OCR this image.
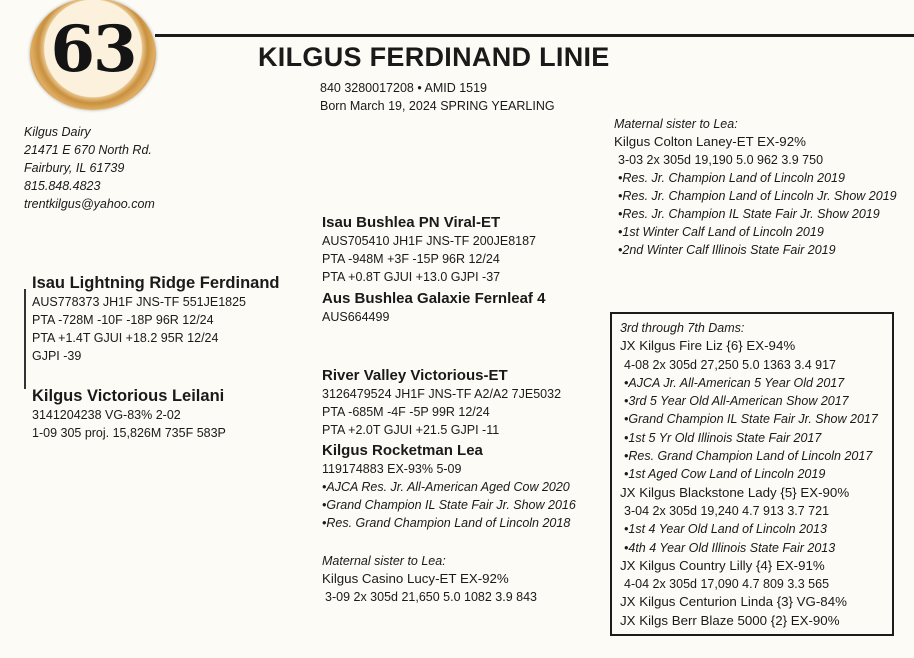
63	KILGUS FERDINAND LINIE
840 3280017208 • AMID 1519
Born March 19, 2024 SPRING YEARLING
Kilgus Dairy
21471 E 670 North Rd.
Fairbury, IL 61739
815.848.4823
trentkilgus@yahoo.com
Isau Lightning Ridge Ferdinand
AUS778373 JH1F JNS-TF 551JE1825
PTA -728M -10F -18P 96R 12/24
PTA +1.4T GJUI +18.2 95R 12/24
GJPI -39
Kilgus Victorious Leilani
3141204238 VG-83% 2-02
1-09 305 proj. 15,826M 735F 583P
Isau Bushlea PN Viral-ET
AUS705410 JH1F JNS-TF 200JE8187
PTA -948M +3F -15P 96R 12/24
PTA +0.8T GJUI +13.0 GJPI -37
Aus Bushlea Galaxie Fernleaf 4
AUS664499
River Valley Victorious-ET
3126479524 JH1F JNS-TF A2/A2 7JE5032
PTA -685M -4F -5P 99R 12/24
PTA +2.0T GJUI +21.5 GJPI -11
Kilgus Rocketman Lea
119174883 EX-93% 5-09
•AJCA Res. Jr. All-American Aged Cow 2020
•Grand Champion IL State Fair Jr. Show 2016
•Res. Grand Champion Land of Lincoln 2018
Maternal sister to Lea:
Kilgus Casino Lucy-ET EX-92%
3-09 2x 305d 21,650 5.0 1082 3.9 843
Maternal sister to Lea:
Kilgus Colton Laney-ET EX-92%
3-03 2x 305d 19,190 5.0 962 3.9 750
•Res. Jr. Champion Land of Lincoln 2019
•Res. Jr. Champion Land of Lincoln Jr. Show 2019
•Res. Jr. Champion IL State Fair Jr. Show 2019
•1st Winter Calf Land of Lincoln 2019
•2nd Winter Calf Illinois State Fair 2019
3rd through 7th Dams:
JX Kilgus Fire Liz {6} EX-94%
4-08 2x 305d 27,250 5.0 1363 3.4 917
•AJCA Jr. All-American 5 Year Old 2017
•3rd 5 Year Old All-American Show 2017
•Grand Champion IL State Fair Jr. Show 2017
•1st 5 Yr Old Illinois State Fair 2017
•Res. Grand Champion Land of Lincoln 2017
•1st Aged Cow Land of Lincoln 2019
JX Kilgus Blackstone Lady {5} EX-90%
3-04 2x 305d 19,240 4.7 913 3.7 721
•1st 4 Year Old Land of Lincoln 2013
•4th 4 Year Old Illinois State Fair 2013
JX Kilgus Country Lilly {4} EX-91%
4-04 2x 305d 17,090 4.7 809 3.3 565
JX Kilgus Centurion Linda {3} VG-84%
JX Kilgs Berr Blaze 5000 {2} EX-90%
